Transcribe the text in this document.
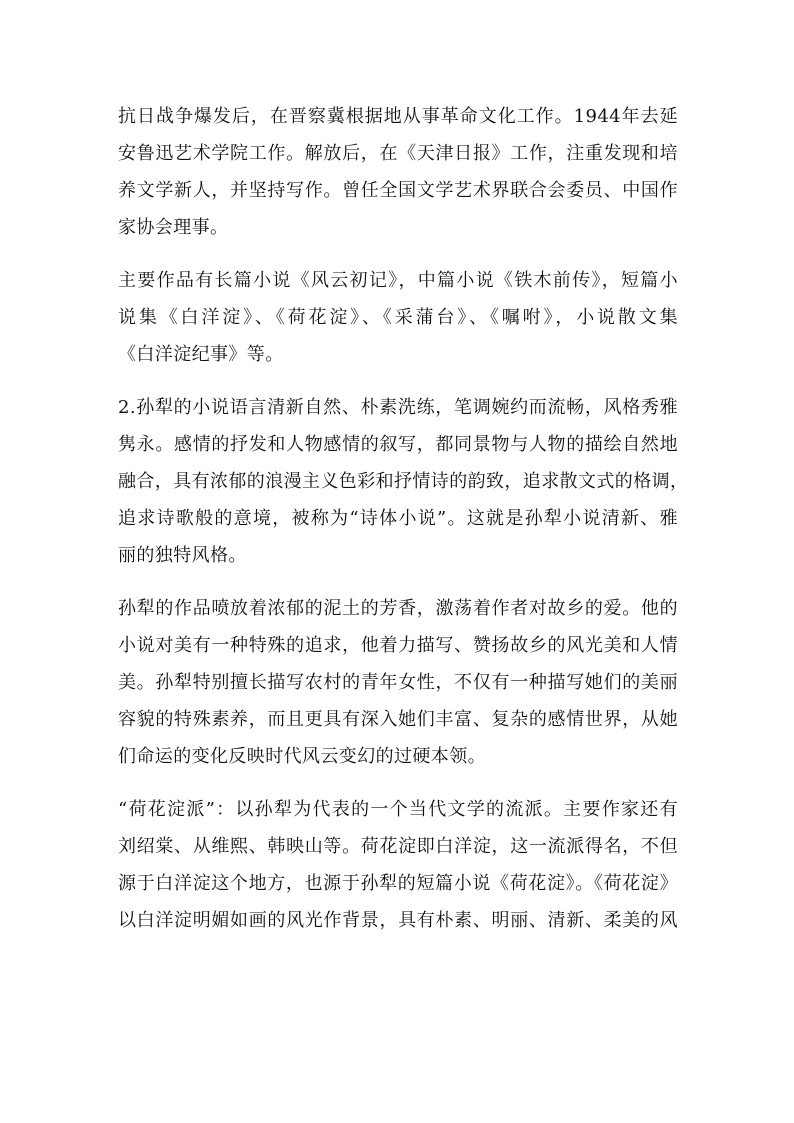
抗日战争爆发后，在晋察冀根据地从事革命文化工作。1944年去延
安鲁迅艺术学院工作。解放后，在《天津日报》工作，注重发现和培
养文学新人，并坚持写作。曾任全国文学艺术界联合会委员、中国作
家协会理事。
主要作品有长篇小说《风云初记》，中篇小说《铁木前传》，短篇小
说集《白洋淀》、《荷花淀》、《采蒲台》、《嘱咐》，小说散文集
《白洋淀纪事》等。
2.孙犁的小说语言清新自然、朴素洗练，笔调婉约而流畅，风格秀雅
隽永。感情的抒发和人物感情的叙写，都同景物与人物的描绘自然地
融合，具有浓郁的浪漫主义色彩和抒情诗的韵致，追求散文式的格调，
追求诗歌般的意境，被称为“诗体小说”。这就是孙犁小说清新、雅
丽的独特风格。
孙犁的作品喷放着浓郁的泥土的芳香，激荡着作者对故乡的爱。他的
小说对美有一种特殊的追求，他着力描写、赞扬故乡的风光美和人情
美。孙犁特别擅长描写农村的青年女性，不仅有一种描写她们的美丽
容貌的特殊素养，而且更具有深入她们丰富、复杂的感情世界，从她
们命运的变化反映时代风云变幻的过硬本领。
“荷花淀派”：以孙犁为代表的一个当代文学的流派。主要作家还有
刘绍棠、从维熙、韩映山等。荷花淀即白洋淀，这一流派得名，不但
源于白洋淀这个地方，也源于孙犁的短篇小说《荷花淀》。《荷花淀》
以白洋淀明媚如画的风光作背景，具有朴素、明丽、清新、柔美的风
